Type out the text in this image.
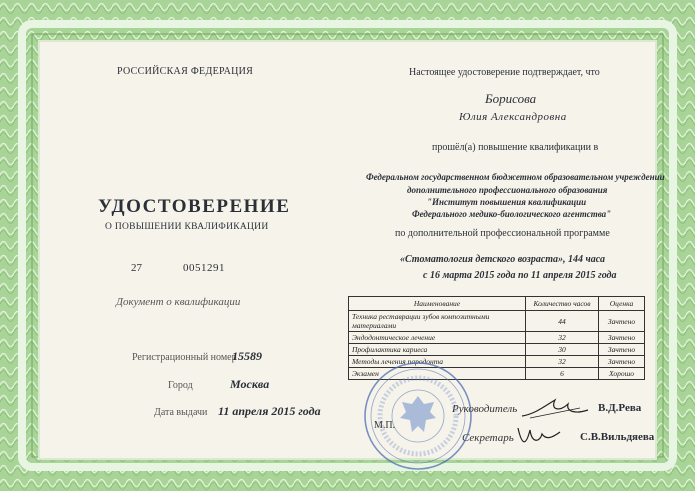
РОССИЙСКАЯ ФЕДЕРАЦИЯ
УДОСТОВЕРЕНИЕ
О ПОВЫШЕНИИ КВАЛИФИКАЦИИ
27	0051291
Документ о квалификации
Регистрационный номер
15589
Город	Москва
Дата выдачи 11 апреля 2015 года
Настоящее удостоверение подтверждает, что
Борисова
Юлия Александровна
прошёл(а) повышение квалификации в
Федеральном государственном бюджетном образовательном учреждении
дополнительного профессионального образования
"Институт повышения квалификации
Федерального медико-биологического агентства"
по дополнительной профессиональной программе
«Стоматология детского возраста», 144 часа
с 16 марта 2015 года по 11 апреля 2015 года
Наименование	Количество часов	Оценка
Техника реставрации зубов композитными материалами	44	Зачтено
Эндодонтическое лечение	32	Зачтено
Профилактика кариеса	30	Зачтено
Методы лечения пародонта	32	Зачтено
Экзамен	6	Хорошо
М.П.
Руководитель	В.Д.Рева
Секретарь	С.В.Вильдяева
